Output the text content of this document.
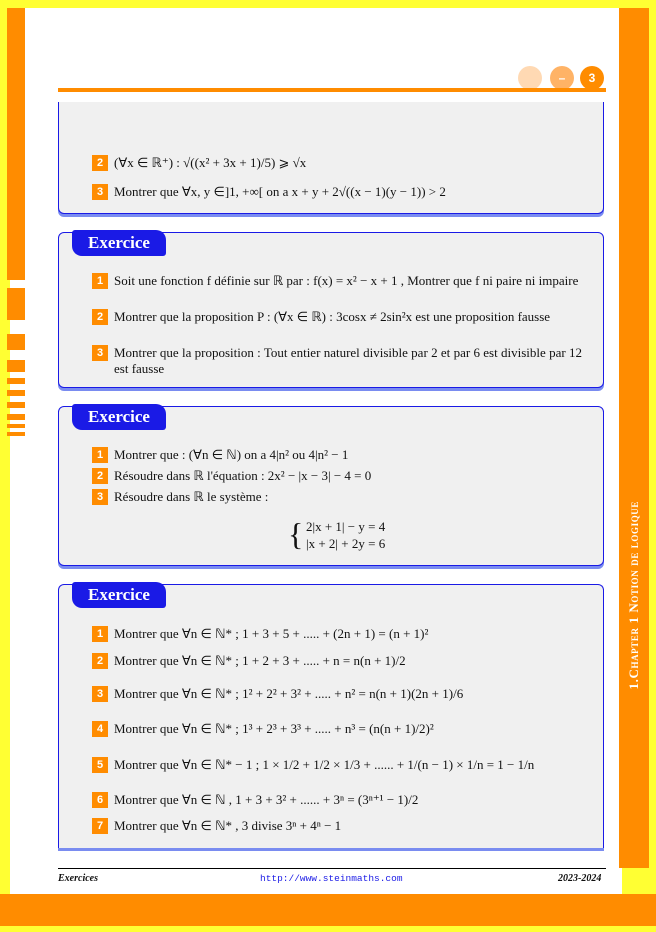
1.Chapter 1 Notion de logique
–	3
2 (∀x ∈ ℝ⁺) : √((x² + 3x + 1)/5) ⩾ √x
3 Montrer que ∀x, y ∈]1, +∞[ on a x + y + 2√((x − 1)(y − 1)) > 2
Exercice
1 Soit une fonction f définie sur ℝ par : f(x) = x² − x + 1 , Montrer que f ni paire ni impaire
2 Montrer que la proposition P : (∀x ∈ ℝ) : 3cosx ≠ 2sin²x est une proposition fausse
3 Montrer que la proposition : Tout entier naturel divisible par 2 et par 6 est divisible par 12 est fausse
Exercice
1 Montrer que : (∀n ∈ ℕ) on a 4|n² ou 4|n² − 1
2 Résoudre dans ℝ l'équation : 2x² − |x − 3| − 4 = 0
3 Résoudre dans ℝ le système :
{ 2|x + 1| − y = 4
|x + 2| + 2y = 6
Exercice
1 Montrer que ∀n ∈ ℕ* ; 1 + 3 + 5 + ..... + (2n + 1) = (n + 1)²
2 Montrer que ∀n ∈ ℕ* ; 1 + 2 + 3 + ..... + n = n(n + 1)/2
3 Montrer que ∀n ∈ ℕ* ; 1² + 2² + 3² + ..... + n² = n(n + 1)(2n + 1)/6
4 Montrer que ∀n ∈ ℕ* ; 1³ + 2³ + 3³ + ..... + n³ = (n(n + 1)/2)²
5 Montrer que ∀n ∈ ℕ* − 1 ; 1 × 1/2 + 1/2 × 1/3 + ...... + 1/(n − 1) × 1/n = 1 − 1/n
6 Montrer que ∀n ∈ ℕ , 1 + 3 + 3² + ...... + 3ⁿ = (3ⁿ⁺¹ − 1)/2
7 Montrer que ∀n ∈ ℕ* , 3 divise 3ⁿ + 4ⁿ − 1
Exercices	http://www.steinmaths.com	2023-2024
